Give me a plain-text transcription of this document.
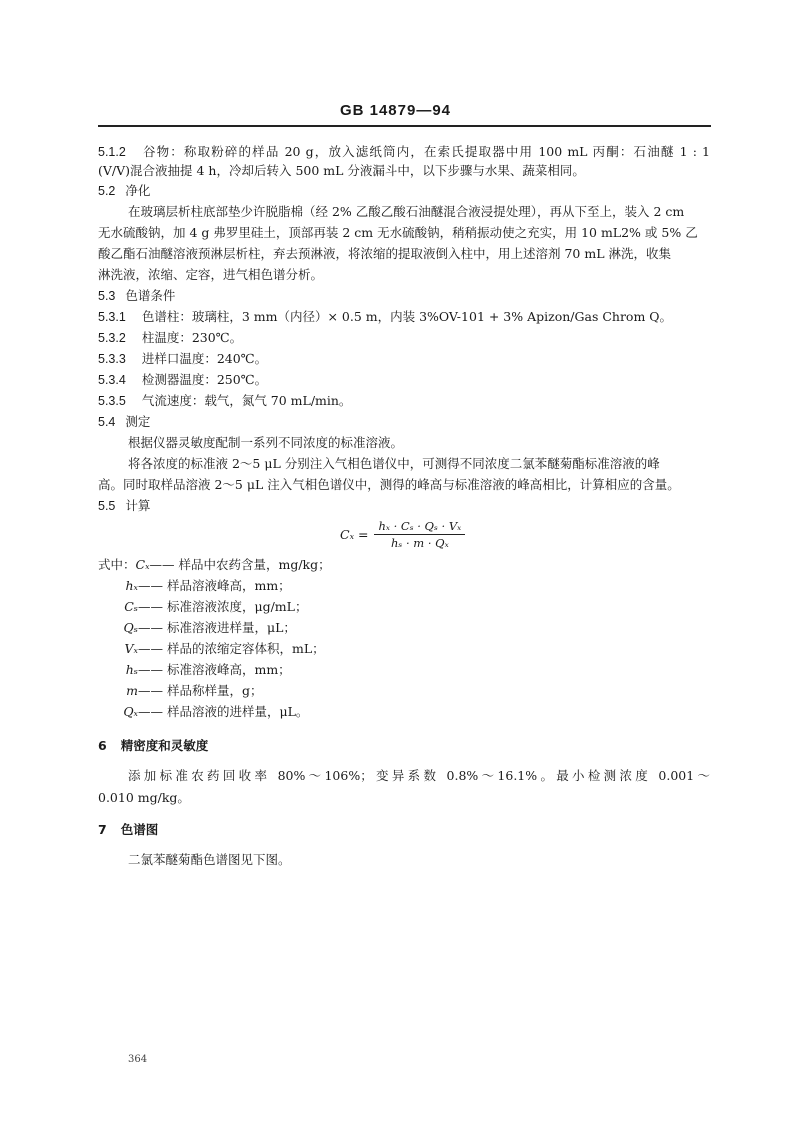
GB 14879—94
5.1.2 谷物：称取粉碎的样品 20 g，放入滤纸筒内，在索氏提取器中用 100 mL 丙酮：石油醚 1 : 1
(V/V)混合液抽提 4 h，冷却后转入 500 mL 分液漏斗中，以下步骤与水果、蔬菜相同。
5.2 净化
在玻璃层析柱底部垫少许脱脂棉（经 2% 乙酸乙酸石油醚混合液浸提处理），再从下至上，装入 2 cm
无水硫酸钠，加 4 g 弗罗里硅土，顶部再装 2 cm 无水硫酸钠，稍稍振动使之充实，用 10 mL2% 或 5% 乙
酸乙酯石油醚溶液预淋层析柱，弃去预淋液，将浓缩的提取液倒入柱中，用上述溶剂 70 mL 淋洗，收集
淋洗液，浓缩、定容，进气相色谱分析。
5.3 色谱条件
5.3.1 色谱柱：玻璃柱，3 mm（内径）× 0.5 m，内装 3%OV-101 + 3% Apizon/Gas Chrom Q。
5.3.2 柱温度：230℃。
5.3.3 进样口温度：240℃。
5.3.4 检测器温度：250℃。
5.3.5 气流速度：载气，氮气 70 mL/min。
5.4 测定
根据仪器灵敏度配制一系列不同浓度的标准溶液。
将各浓度的标准液 2～5 μL 分别注入气相色谱仪中，可测得不同浓度二氯苯醚菊酯标准溶液的峰
高。同时取样品溶液 2～5 μL 注入气相色谱仪中，测得的峰高与标准溶液的峰高相比，计算相应的含量。
5.5 计算
$C_x = \frac{\text{hₓ · Cₛ · Qₛ · Vₓ}}{\text{hₛ · m · Qₓ}}$
式中：Cₓ—— 样品中农药含量，mg/kg；
hₓ—— 样品溶液峰高，mm；
Cₛ—— 标准溶液浓度，μg/mL；
Qₛ—— 标准溶液进样量，μL；
Vₓ—— 样品的浓缩定容体积，mL；
hₛ—— 标准溶液峰高，mm；
m—— 样品称样量，g；
Qₓ—— 样品溶液的进样量，μL。
6 精密度和灵敏度
添加标准农药回收率 80%～106%；变异系数 0.8%～16.1%。最小检测浓度 0.001～
0.010 mg/kg。
7 色谱图
二氯苯醚菊酯色谱图见下图。
364
